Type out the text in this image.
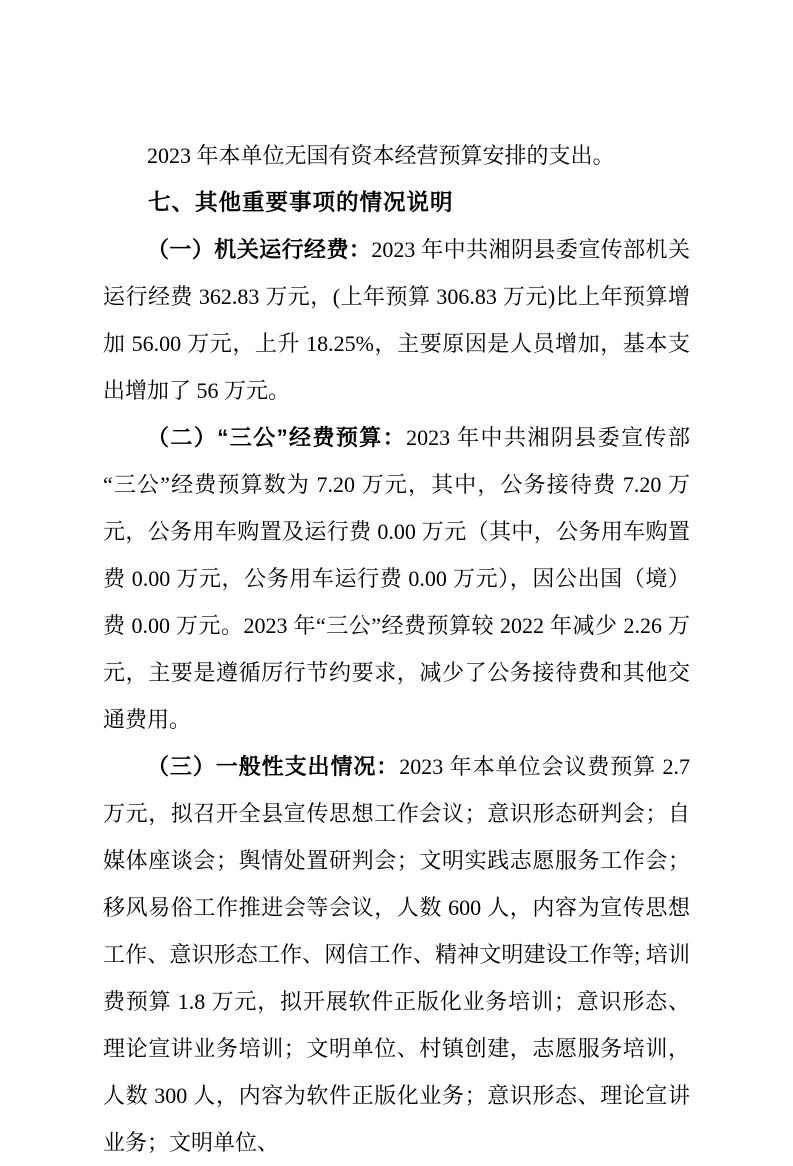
2023 年本单位无国有资本经营预算安排的支出。

七、其他重要事项的情况说明

（一）机关运行经费：2023 年中共湘阴县委宣传部机关运行经费 362.83 万元，(上年预算 306.83 万元)比上年预算增加 56.00 万元，上升 18.25%，主要原因是人员增加，基本支出增加了 56 万元。

（二）“三公”经费预算：2023 年中共湘阴县委宣传部“三公”经费预算数为 7.20 万元，其中，公务接待费 7.20 万元，公务用车购置及运行费 0.00 万元（其中，公务用车购置费 0.00 万元，公务用车运行费 0.00 万元），因公出国（境）费 0.00 万元。2023 年“三公”经费预算较 2022 年减少 2.26 万元，主要是遵循厉行节约要求，减少了公务接待费和其他交通费用。

（三）一般性支出情况：2023 年本单位会议费预算 2.7 万元，拟召开全县宣传思想工作会议；意识形态研判会；自媒体座谈会；舆情处置研判会；文明实践志愿服务工作会；移风易俗工作推进会等会议，人数 600 人，内容为宣传思想工作、意识形态工作、网信工作、精神文明建设工作等; 培训费预算 1.8 万元，拟开展软件正版化业务培训；意识形态、理论宣讲业务培训；文明单位、村镇创建，志愿服务培训，人数 300 人，内容为软件正版化业务；意识形态、理论宣讲业务；文明单位、
